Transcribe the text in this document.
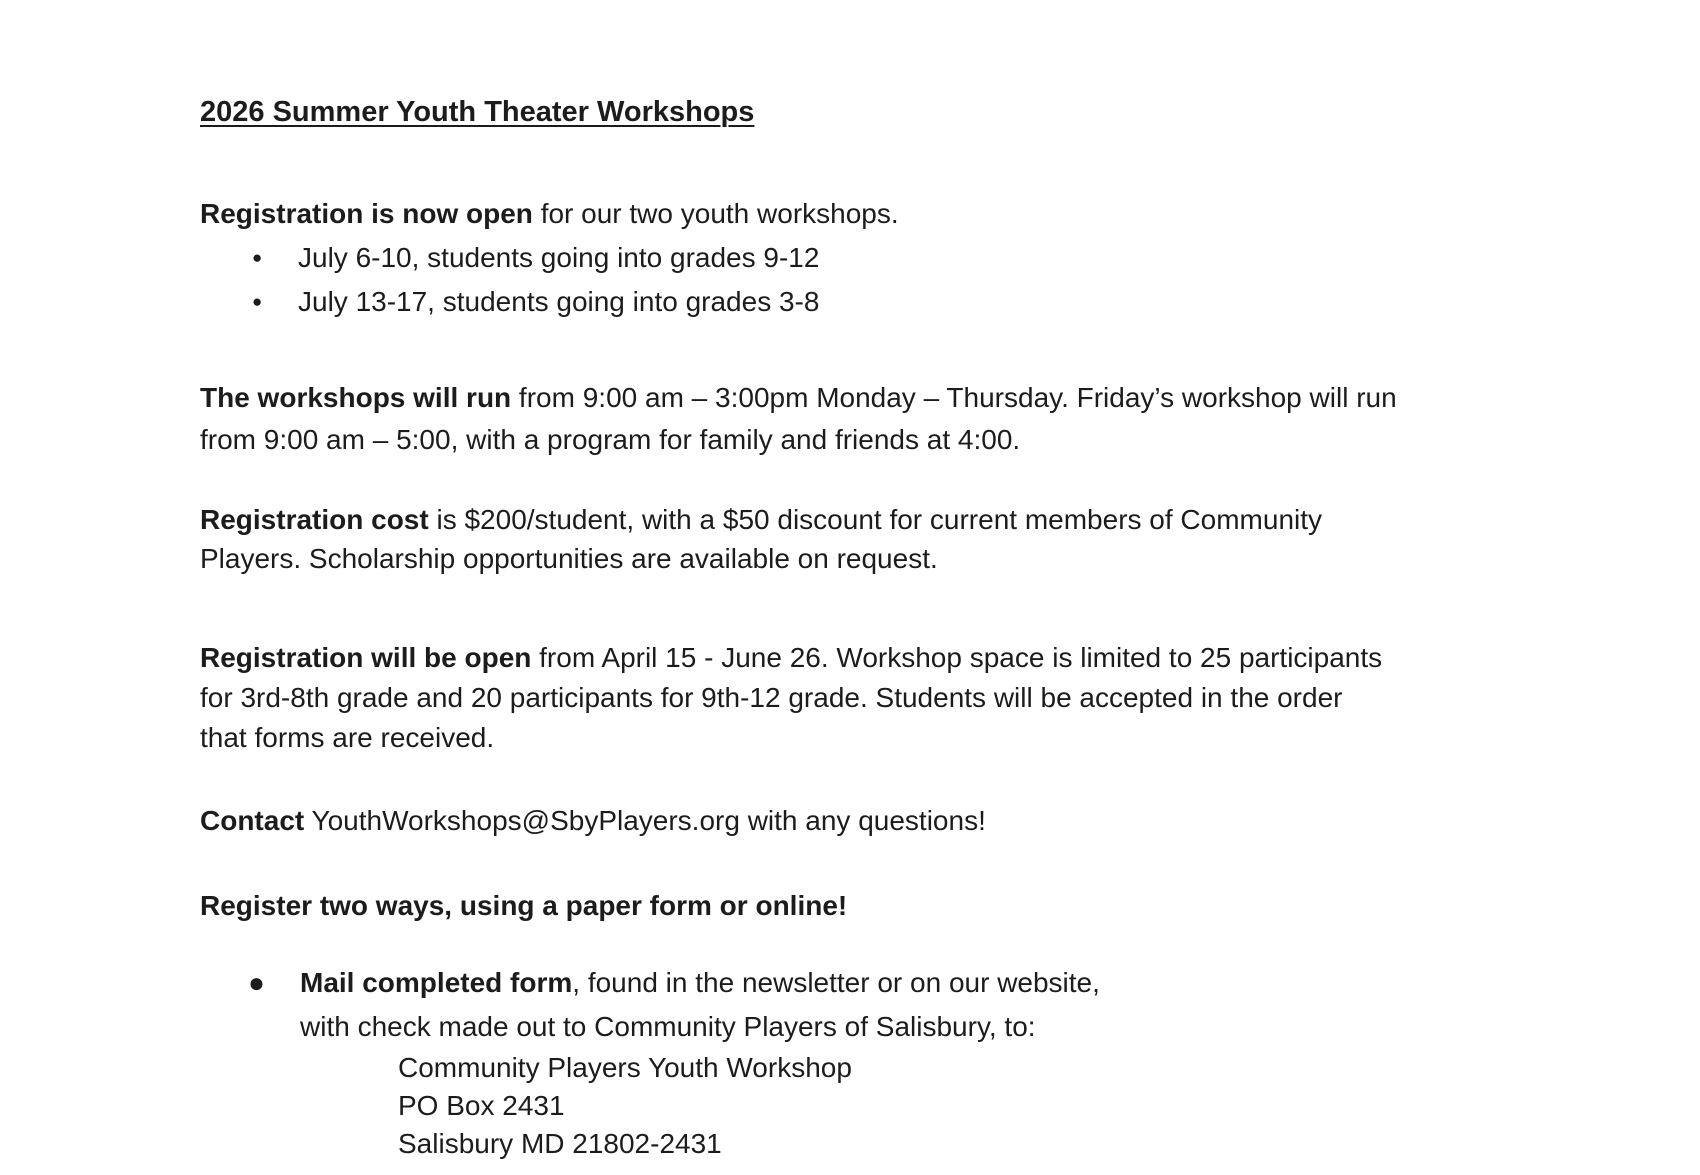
2026 Summer Youth Theater Workshops

Registration is now open for our two youth workshops.

●	July 6-10, students going into grades 9-12
●	July 13-17, students going into grades 3-8

The workshops will run from 9:00 am – 3:00pm Monday – Thursday. Friday’s workshop will run
from 9:00 am – 5:00, with a program for family and friends at 4:00.

Registration cost is $200/student, with a $50 discount for current members of Community
Players. Scholarship opportunities are available on request.

Registration will be open from April 15 - June 26. Workshop space is limited to 25 participants
for 3rd-8th grade and 20 participants for 9th-12 grade. Students will be accepted in the order
that forms are received.

Contact YouthWorkshops@SbyPlayers.org with any questions!

Register two ways, using a paper form or online!

●	Mail completed form, found in the newsletter or on our website,
with check made out to Community Players of Salisbury, to:
Community Players Youth Workshop
PO Box 2431
Salisbury MD 21802-2431
